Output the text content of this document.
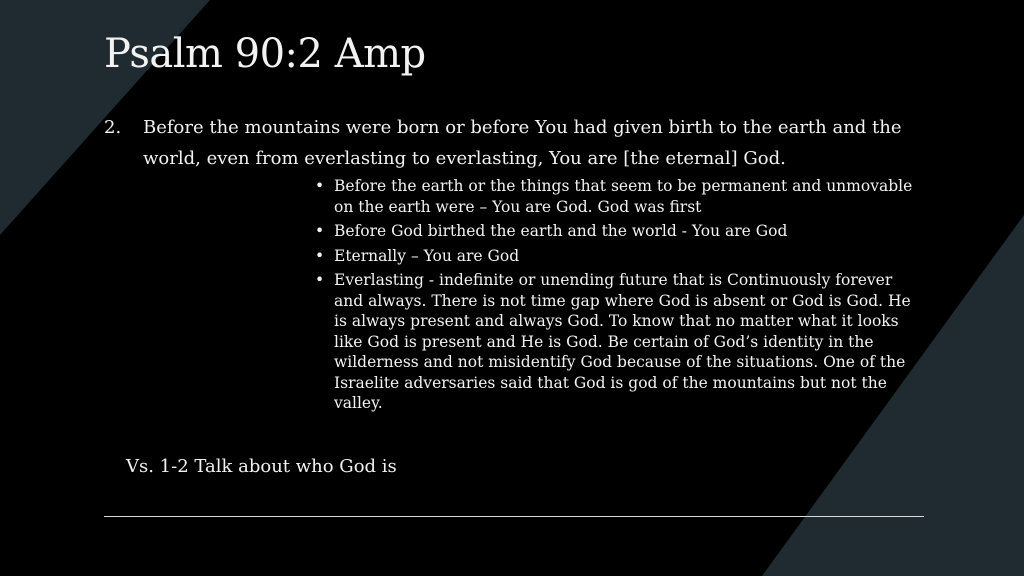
Psalm 90:2 Amp
2.	Before the mountains were born or before You had given birth to the earth and the world, even from everlasting to everlasting, You are [the eternal] God.
• Before the earth or the things that seem to be permanent and unmovable on the earth were – You are God. God was first
• Before God birthed the earth and the world - You are God
• Eternally – You are God
• Everlasting - indefinite or unending future that is Continuously forever and always. There is not time gap where God is absent or God is God. He is always present and always God. To know that no matter what it looks like God is present and He is God. Be certain of God’s identity in the wilderness and not misidentify God because of the situations. One of the Israelite adversaries said that God is god of the mountains but not the valley.

Vs. 1-2 Talk about who God is
